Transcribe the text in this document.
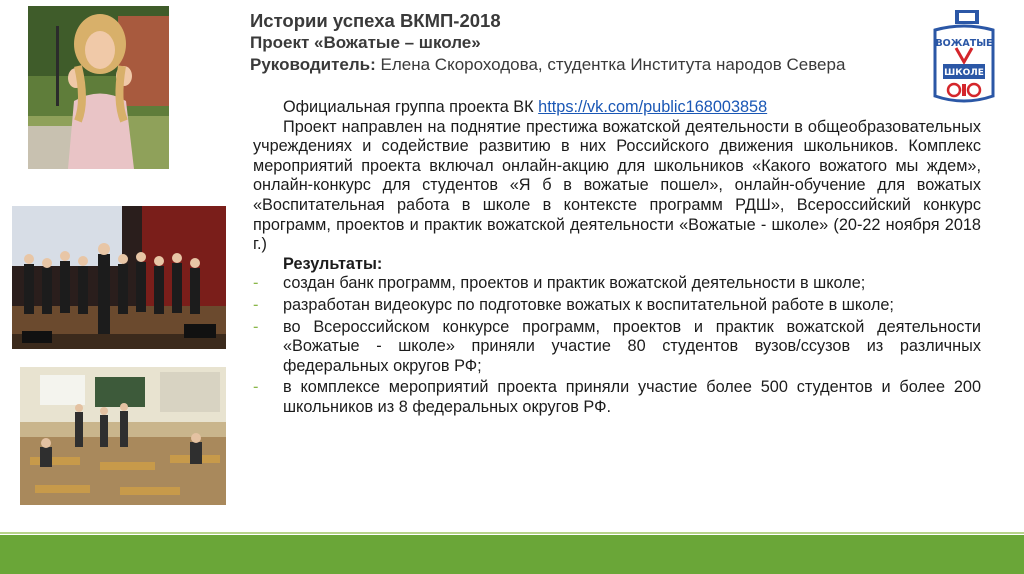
Истории успеха ВКМП-2018
Проект «Вожатые – школе»
Руководитель: Елена Скороходова, студентка Института народов Севера
ВОЖАТЫЕ
ШКОЛЕ

Официальная группа проекта ВК https://vk.com/public168003858

Проект направлен на поднятие престижа вожатской деятельности в общеобразовательных учреждениях и содействие развитию в них Российского движения школьников. Комплекс мероприятий проекта включал онлайн-акцию для школьников «Какого вожатого мы ждем», онлайн-конкурс для студентов «Я б в вожатые пошел», онлайн-обучение для вожатых «Воспитательная работа в школе в контексте программ РДШ», Всероссийский конкурс программ, проектов и практик вожатской деятельности «Вожатые - школе» (20-22 ноября 2018 г.)

Результаты:

- создан банк программ, проектов и практик вожатской деятельности в школе;
- разработан видеокурс по подготовке вожатых к воспитательной работе в школе;
- во Всероссийском конкурсе программ, проектов и практик вожатской деятельности «Вожатые - школе» приняли участие 80 студентов вузов/ссузов из различных федеральных округов РФ;
- в комплексе мероприятий проекта приняли участие более 500 студентов и более 200 школьников из 8 федеральных округов РФ.
